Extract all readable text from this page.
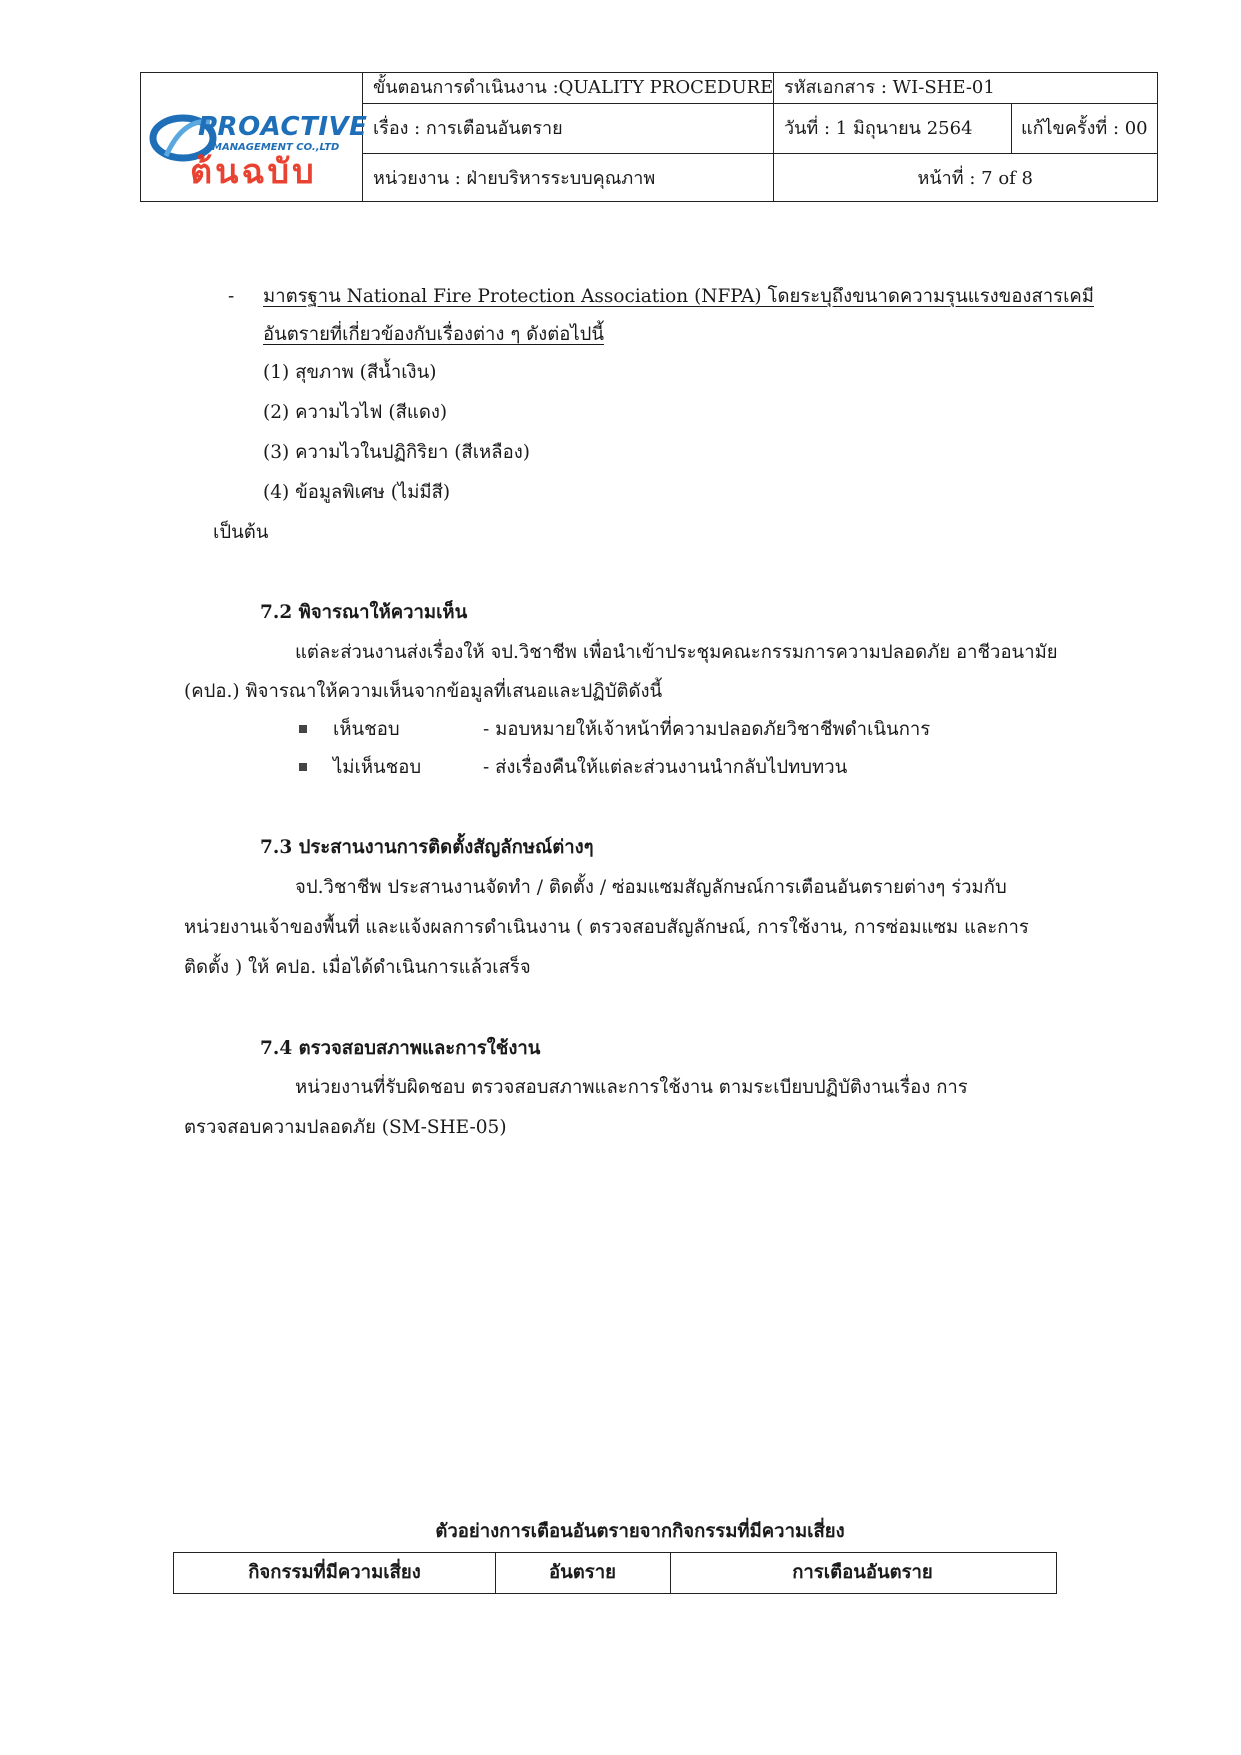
ขั้นตอนการดำเนินงาน :QUALITY PROCEDURE รหัสเอกสาร : WI-SHE-01
เรื่อง : การเตือนอันตราย	วันที่ : 1 มิถุนายน 2564	แก้ไขครั้งที่ : 00
หน่วยงาน : ฝ่ายบริหารระบบคุณภาพ	หน้าที่ : 7 of 8
PROACTIVE
MANAGEMENT CO.,LTD
ต้นฉบับ
- มาตรฐาน National Fire Protection Association (NFPA) โดยระบุถึงขนาดความรุนแรงของสารเคมี
อันตรายที่เกี่ยวข้องกับเรื่องต่าง ๆ ดังต่อไปนี้
(1) สุขภาพ (สีน้ำเงิน)
(2) ความไวไฟ (สีแดง)
(3) ความไวในปฏิกิริยา (สีเหลือง)
(4) ข้อมูลพิเศษ (ไม่มีสี)
เป็นต้น
7.2 พิจารณาให้ความเห็น
แต่ละส่วนงานส่งเรื่องให้ จป.วิชาชีพ เพื่อนำเข้าประชุมคณะกรรมการความปลอดภัย อาชีวอนามัย
(คปอ.) พิจารณาให้ความเห็นจากข้อมูลที่เสนอและปฏิบัติดังนี้
เห็นชอบ	- มอบหมายให้เจ้าหน้าที่ความปลอดภัยวิชาชีพดำเนินการ
ไม่เห็นชอบ	- ส่งเรื่องคืนให้แต่ละส่วนงานนำกลับไปทบทวน
7.3 ประสานงานการติดตั้งสัญลักษณ์ต่างๆ
จป.วิชาชีพ ประสานงานจัดทำ / ติดตั้ง / ซ่อมแซมสัญลักษณ์การเตือนอันตรายต่างๆ ร่วมกับ
หน่วยงานเจ้าของพื้นที่ และแจ้งผลการดำเนินงาน ( ตรวจสอบสัญลักษณ์, การใช้งาน, การซ่อมแซม และการ
ติดตั้ง ) ให้ คปอ. เมื่อได้ดำเนินการแล้วเสร็จ
7.4 ตรวจสอบสภาพและการใช้งาน
หน่วยงานที่รับผิดชอบ ตรวจสอบสภาพและการใช้งาน ตามระเบียบปฏิบัติงานเรื่อง การ
ตรวจสอบความปลอดภัย (SM-SHE-05)
ตัวอย่างการเตือนอันตรายจากกิจกรรมที่มีความเสี่ยง
กิจกรรมที่มีความเสี่ยง	อันตราย	การเตือนอันตราย
